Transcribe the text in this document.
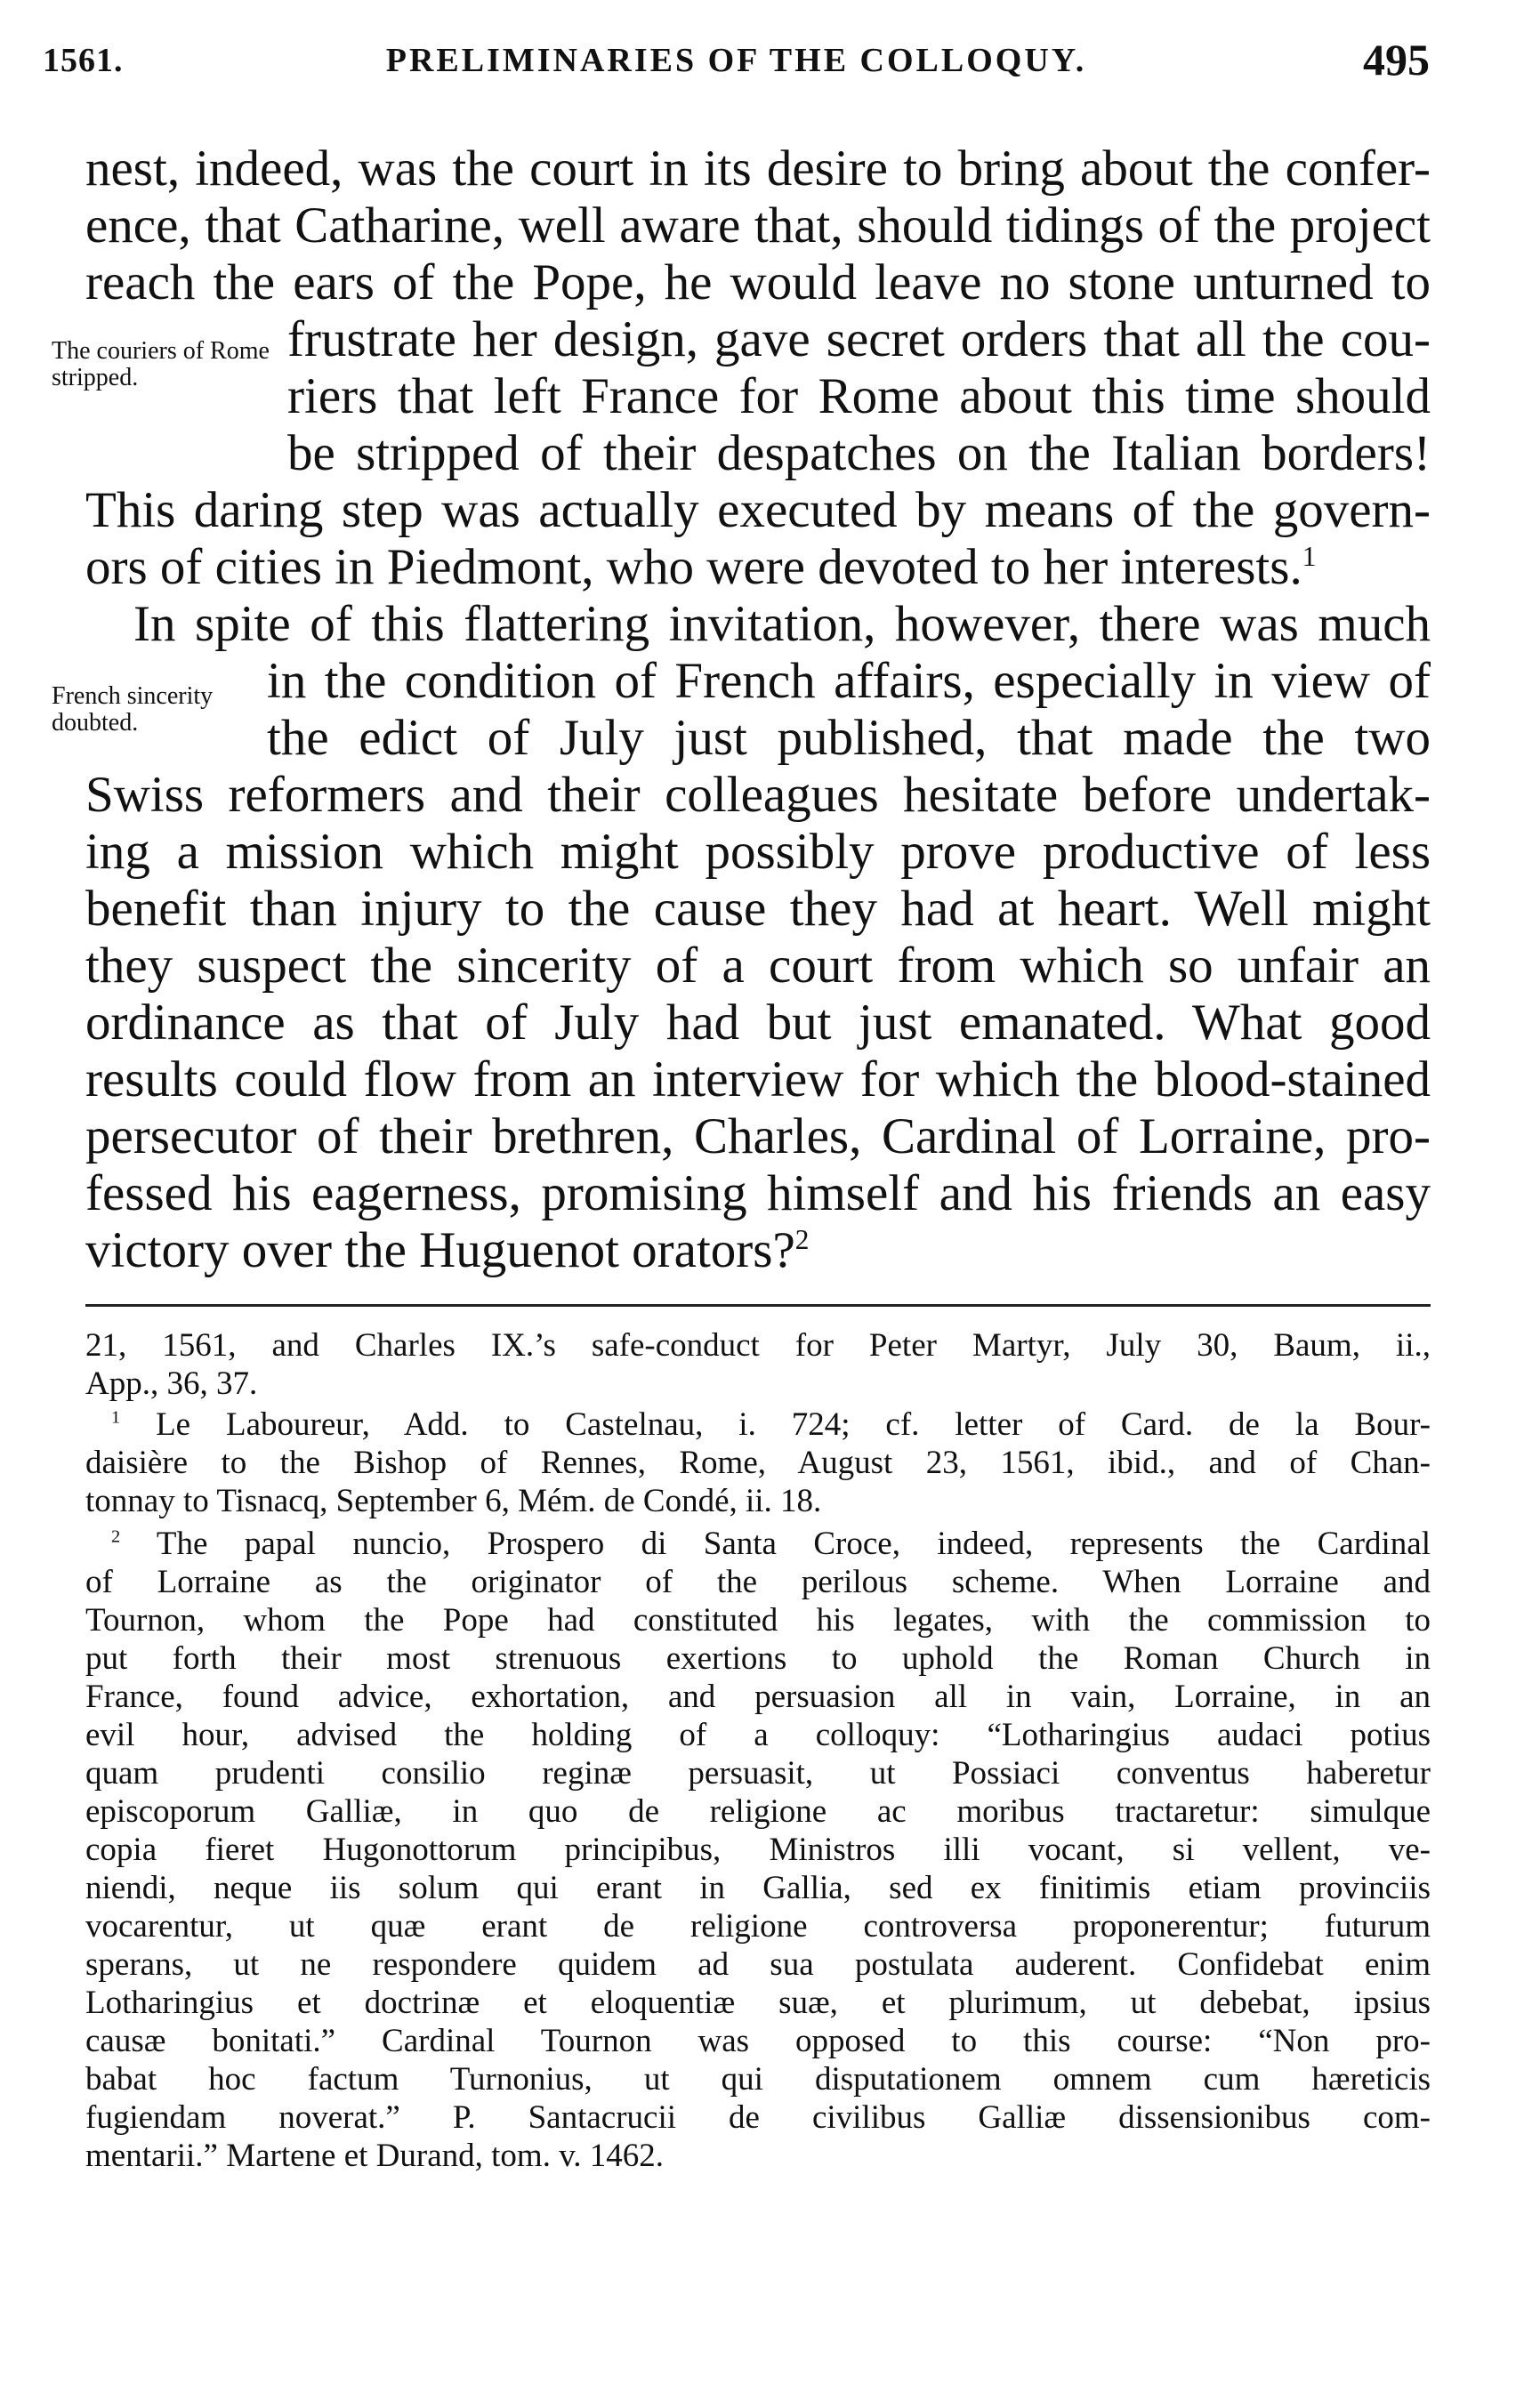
1561.	PRELIMINARIES OF THE COLLOQUY.	495
The couriers of Rome stripped.
French sincerity doubted.
nest, indeed, was the court in its desire to bring about the confer-
ence, that Catharine, well aware that, should tidings of the project
reach the ears of the Pope, he would leave no stone unturned to
frustrate her design, gave secret orders that all the cou-
riers that left France for Rome about this time should
be stripped of their despatches on the Italian borders!
This daring step was actually executed by means of the govern-
ors of cities in Piedmont, who were devoted to her interests.$^1$
In spite of this flattering invitation, however, there was much
in the condition of French affairs, especially in view of
the edict of July just published, that made the two
Swiss reformers and their colleagues hesitate before undertak-
ing a mission which might possibly prove productive of less
benefit than injury to the cause they had at heart. Well might
they suspect the sincerity of a court from which so unfair an
ordinance as that of July had but just emanated. What good
results could flow from an interview for which the blood-stained
persecutor of their brethren, Charles, Cardinal of Lorraine, pro-
fessed his eagerness, promising himself and his friends an easy
victory over the Huguenot orators?$^2$
21, 1561, and Charles IX.’s safe-conduct for Peter Martyr, July 30, Baum, ii.,
App., 36, 37.
$^1$ Le Laboureur, Add. to Castelnau, i. 724; cf. letter of Card. de la Bour-
daisière to the Bishop of Rennes, Rome, August 23, 1561, ibid., and of Chan-
tonnay to Tisnacq, September 6, Mém. de Condé, ii. 18.
$^2$ The papal nuncio, Prospero di Santa Croce, indeed, represents the Cardinal
of Lorraine as the originator of the perilous scheme. When Lorraine and
Tournon, whom the Pope had constituted his legates, with the commission to
put forth their most strenuous exertions to uphold the Roman Church in
France, found advice, exhortation, and persuasion all in vain, Lorraine, in an
evil hour, advised the holding of a colloquy: “Lotharingius audaci potius
quam prudenti consilio reginæ persuasit, ut Possiaci conventus haberetur
episcoporum Galliæ, in quo de religione ac moribus tractaretur: simulque
copia fieret Hugonottorum principibus, Ministros illi vocant, si vellent, ve-
niendi, neque iis solum qui erant in Gallia, sed ex finitimis etiam provinciis
vocarentur, ut quæ erant de religione controversa proponerentur; futurum
sperans, ut ne respondere quidem ad sua postulata auderent. Confidebat enim
Lotharingius et doctrinæ et eloquentiæ suæ, et plurimum, ut debebat, ipsius
causæ bonitati.” Cardinal Tournon was opposed to this course: “Non pro-
babat hoc factum Turnonius, ut qui disputationem omnem cum hæreticis
fugiendam noverat.” P. Santacrucii de civilibus Galliæ dissensionibus com-
mentarii.” Martene et Durand, tom. v. 1462.
